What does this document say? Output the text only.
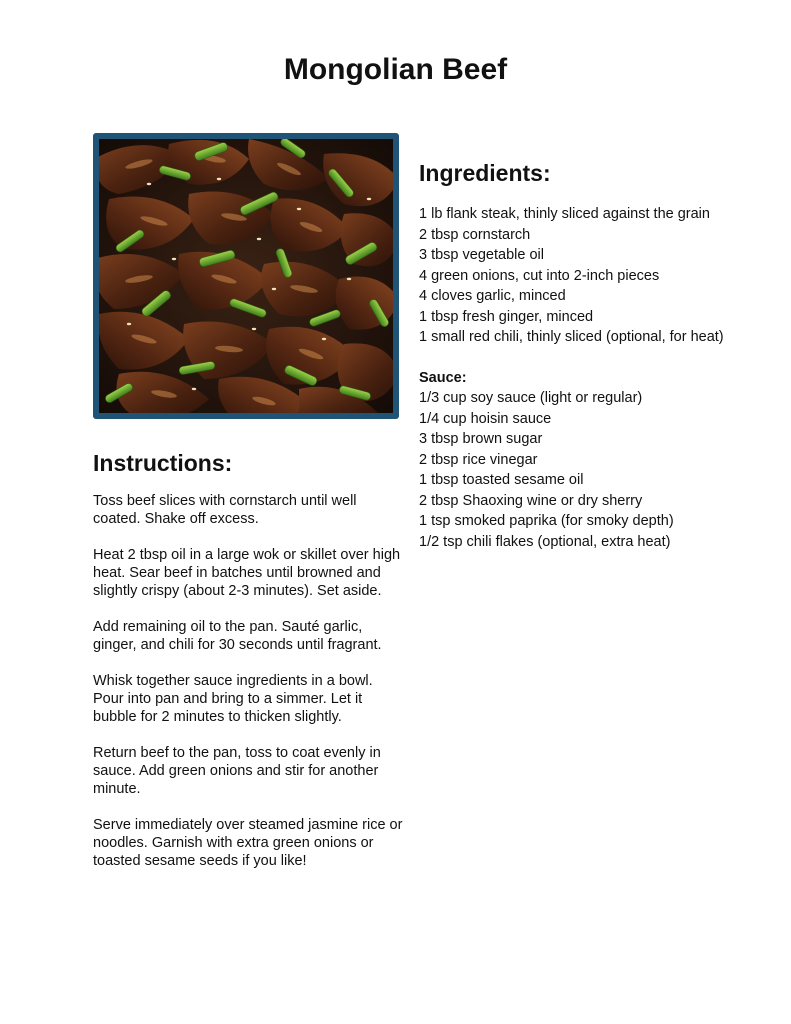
Mongolian Beef
Instructions:
Toss beef slices with cornstarch until well coated. Shake off excess.
Heat 2 tbsp oil in a large wok or skillet over high heat. Sear beef in batches until browned and slightly crispy (about 2-3 minutes). Set aside.
Add remaining oil to the pan. Sauté garlic, ginger, and chili for 30 seconds until fragrant.
Whisk together sauce ingredients in a bowl. Pour into pan and bring to a simmer. Let it bubble for 2 minutes to thicken slightly.
Return beef to the pan, toss to coat evenly in sauce. Add green onions and stir for another minute.
Serve immediately over steamed jasmine rice or noodles. Garnish with extra green onions or toasted sesame seeds if you like!
Ingredients:
1 lb flank steak, thinly sliced against the grain
2 tbsp cornstarch
3 tbsp vegetable oil
4 green onions, cut into 2-inch pieces
4 cloves garlic, minced
1 tbsp fresh ginger, minced
1 small red chili, thinly sliced (optional, for heat)
Sauce:
1/3 cup soy sauce (light or regular)
1/4 cup hoisin sauce
3 tbsp brown sugar
2 tbsp rice vinegar
1 tbsp toasted sesame oil
2 tbsp Shaoxing wine or dry sherry
1 tsp smoked paprika (for smoky depth)
1/2 tsp chili flakes (optional, extra heat)
